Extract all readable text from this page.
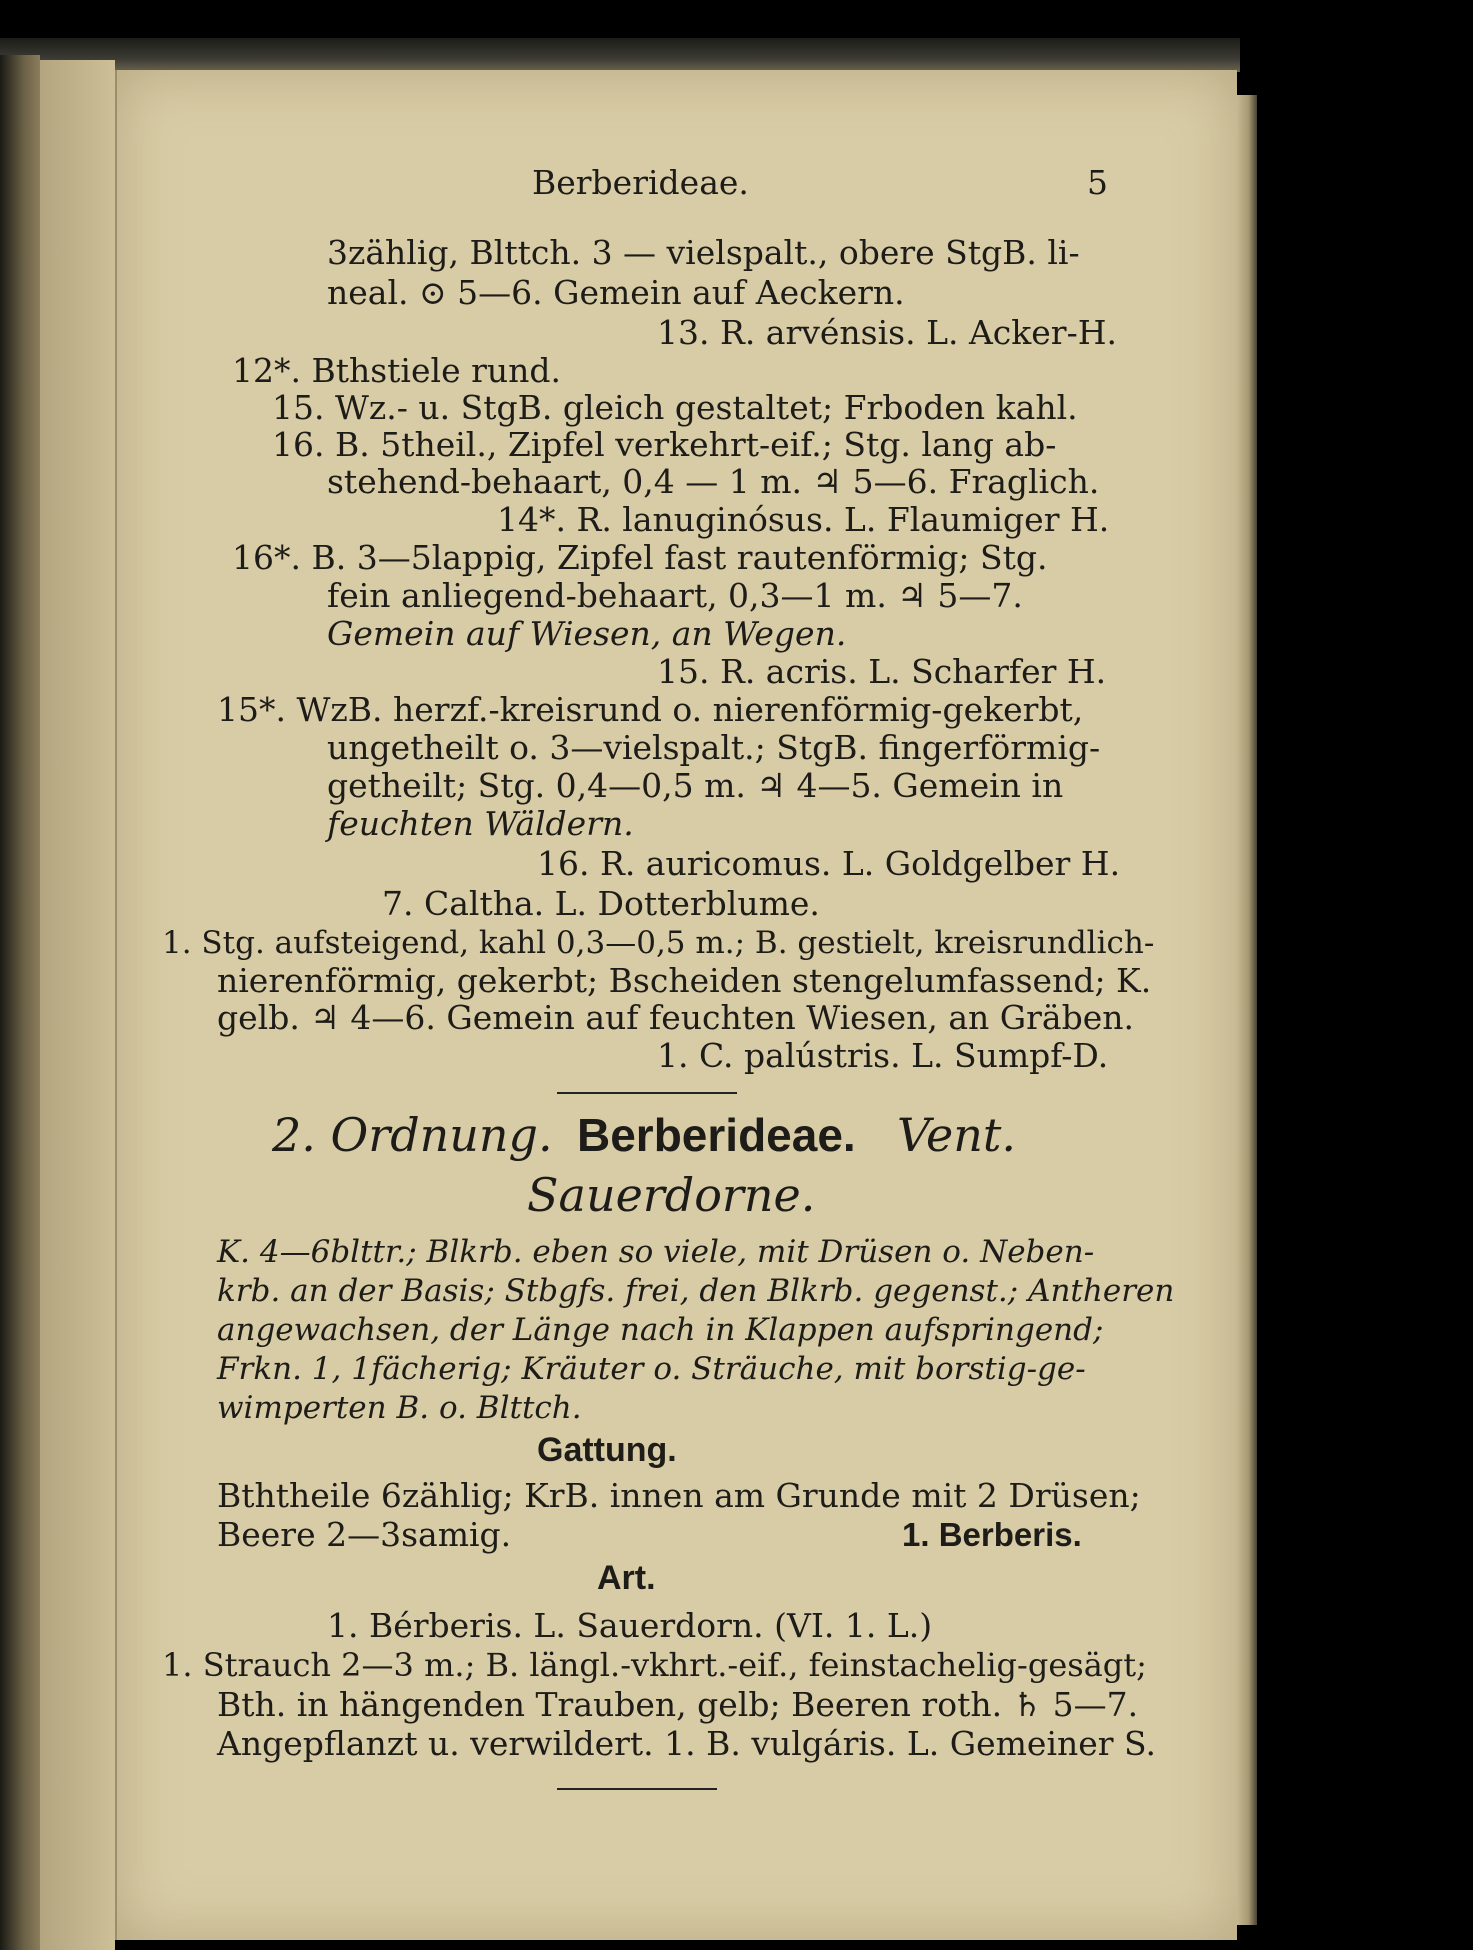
Berberideae.	5
3zählig, Blttch. 3 — vielspalt., obere StgB. li-
neal. ⊙ 5—6. Gemein auf Aeckern.
13. R. arvénsis. L. Acker-H.
12*. Bthstiele rund.
15. Wz.- u. StgB. gleich gestaltet; Frboden kahl.
16. B. 5theil., Zipfel verkehrt-eif.; Stg. lang ab-
stehend-behaart, 0,4 — 1 m. ♃ 5—6. Fraglich.
14*. R. lanuginósus. L. Flaumiger H.
16*. B. 3—5lappig, Zipfel fast rautenförmig; Stg.
fein anliegend-behaart, 0,3—1 m. ♃ 5—7.
Gemein auf Wiesen, an Wegen.
15. R. acris. L. Scharfer H.
15*. WzB. herzf.-kreisrund o. nierenförmig-gekerbt,
ungetheilt o. 3—vielspalt.; StgB. fingerförmig-
getheilt; Stg. 0,4—0,5 m. ♃ 4—5. Gemein in
feuchten Wäldern.
16. R. auricomus. L. Goldgelber H.
7. Caltha. L. Dotterblume.
1. Stg. aufsteigend, kahl 0,3—0,5 m.; B. gestielt, kreisrundlich-
nierenförmig, gekerbt; Bscheiden stengelumfassend; K.
gelb. ♃ 4—6. Gemein auf feuchten Wiesen, an Gräben.
1. C. palústris. L. Sumpf-D.
2. Ordnung. Berberideae. Vent.
Sauerdorne.
K. 4—6blttr.; Blkrb. eben so viele, mit Drüsen o. Neben-
krb. an der Basis; Stbgfs. frei, den Blkrb. gegenst.; Antheren
angewachsen, der Länge nach in Klappen aufspringend;
Frkn. 1, 1fächerig; Kräuter o. Sträuche, mit borstig-ge-
wimperten B. o. Blttch.
Gattung.
Bththeile 6zählig; KrB. innen am Grunde mit 2 Drüsen;
Beere 2—3samig.	1. Berberis.
Art.
1. Bérberis. L. Sauerdorn. (VI. 1. L.)
1. Strauch 2—3 m.; B. längl.-vkhrt.-eif., feinstachelig-gesägt;
Bth. in hängenden Trauben, gelb; Beeren roth. ♄ 5—7.
Angepflanzt u. verwildert. 1. B. vulgáris. L. Gemeiner S.
